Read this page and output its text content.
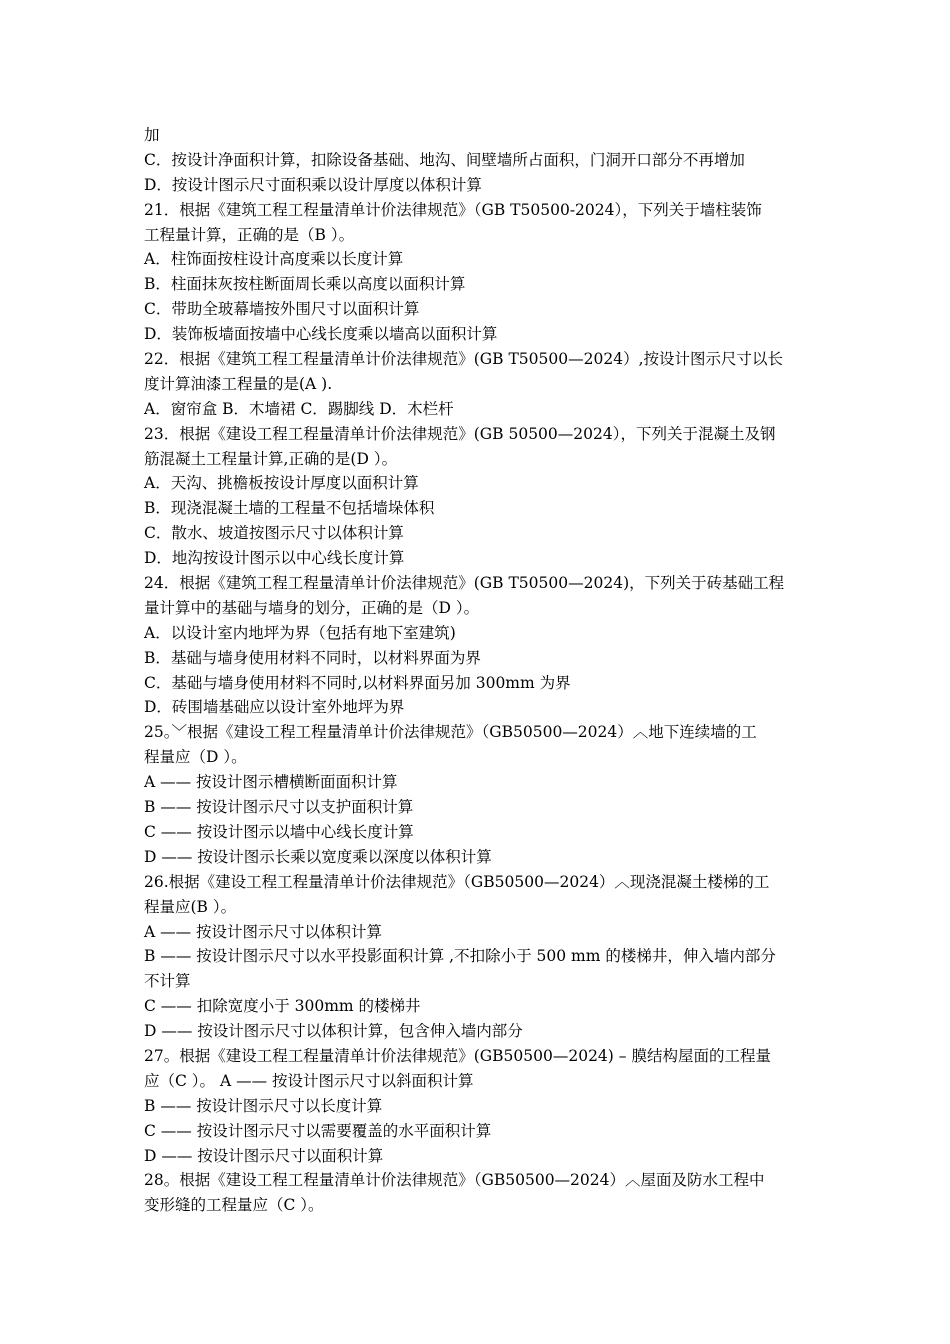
加
C．按设计净面积计算，扣除设备基础、地沟、间壁墙所占面积，门洞开口部分不再增加
D．按设计图示尺寸面积乘以设计厚度以体积计算
21．根据《建筑工程工程量清单计价法律规范》（GB T50500-2024），下列关于墙柱装饰
工程量计算，正确的是（B ）。
A．柱饰面按柱设计高度乘以长度计算
B．柱面抹灰按柱断面周长乘以高度以面积计算
C．带助全玻幕墙按外围尺寸以面积计算
D．装饰板墙面按墙中心线长度乘以墙高以面积计算
22．根据《建筑工程工程量清单计价法律规范》(GB T50500—2024）,按设计图示尺寸以长
度计算油漆工程量的是(A ).
A．窗帘盒 B．木墙裙 C．踢脚线 D．木栏杆
23．根据《建设工程工程量清单计价法律规范》(GB 50500—2024），下列关于混凝土及钢
筋混凝土工程量计算,正确的是(D ）。
A．天沟、挑檐板按设计厚度以面积计算
B．现浇混凝土墙的工程量不包括墙垛体积
C．散水、坡道按图示尺寸以体积计算
D．地沟按设计图示以中心线长度计算
24．根据《建筑工程工程量清单计价法律规范》(GB T50500—2024)，下列关于砖基础工程
量计算中的基础与墙身的划分，正确的是（D ）。
A．以设计室内地坪为界（包括有地下室建筑)
B．基础与墙身使用材料不同时，以材料界面为界
C．基础与墙身使用材料不同时,以材料界面另加 300mm 为界
D．砖围墙基础应以设计室外地坪为界
25。﹀根据《建设工程工程量清单计价法律规范》（GB50500—2024）︿地下连续墙的工
程量应（D ）。
A —— 按设计图示槽横断面面积计算
B —— 按设计图示尺寸以支护面积计算
C —— 按设计图示以墙中心线长度计算
D —— 按设计图示长乘以宽度乘以深度以体积计算
26.根据《建设工程工程量清单计价法律规范》（GB50500—2024）︿现浇混凝土楼梯的工
程量应(B ）。
A —— 按设计图示尺寸以体积计算
B —— 按设计图示尺寸以水平投影面积计算 ,不扣除小于 500 mm 的楼梯井，伸入墙内部分
不计算
C —— 扣除宽度小于 300mm 的楼梯井
D —— 按设计图示尺寸以体积计算，包含伸入墙内部分
27。根据《建设工程工程量清单计价法律规范》(GB50500—2024) – 膜结构屋面的工程量
应（C ）。 A —— 按设计图示尺寸以斜面积计算
B —— 按设计图示尺寸以长度计算
C —— 按设计图示尺寸以需要覆盖的水平面积计算
D —— 按设计图示尺寸以面积计算
28。根据《建设工程工程量清单计价法律规范》（GB50500—2024）︿屋面及防水工程中
变形缝的工程量应（C ）。
